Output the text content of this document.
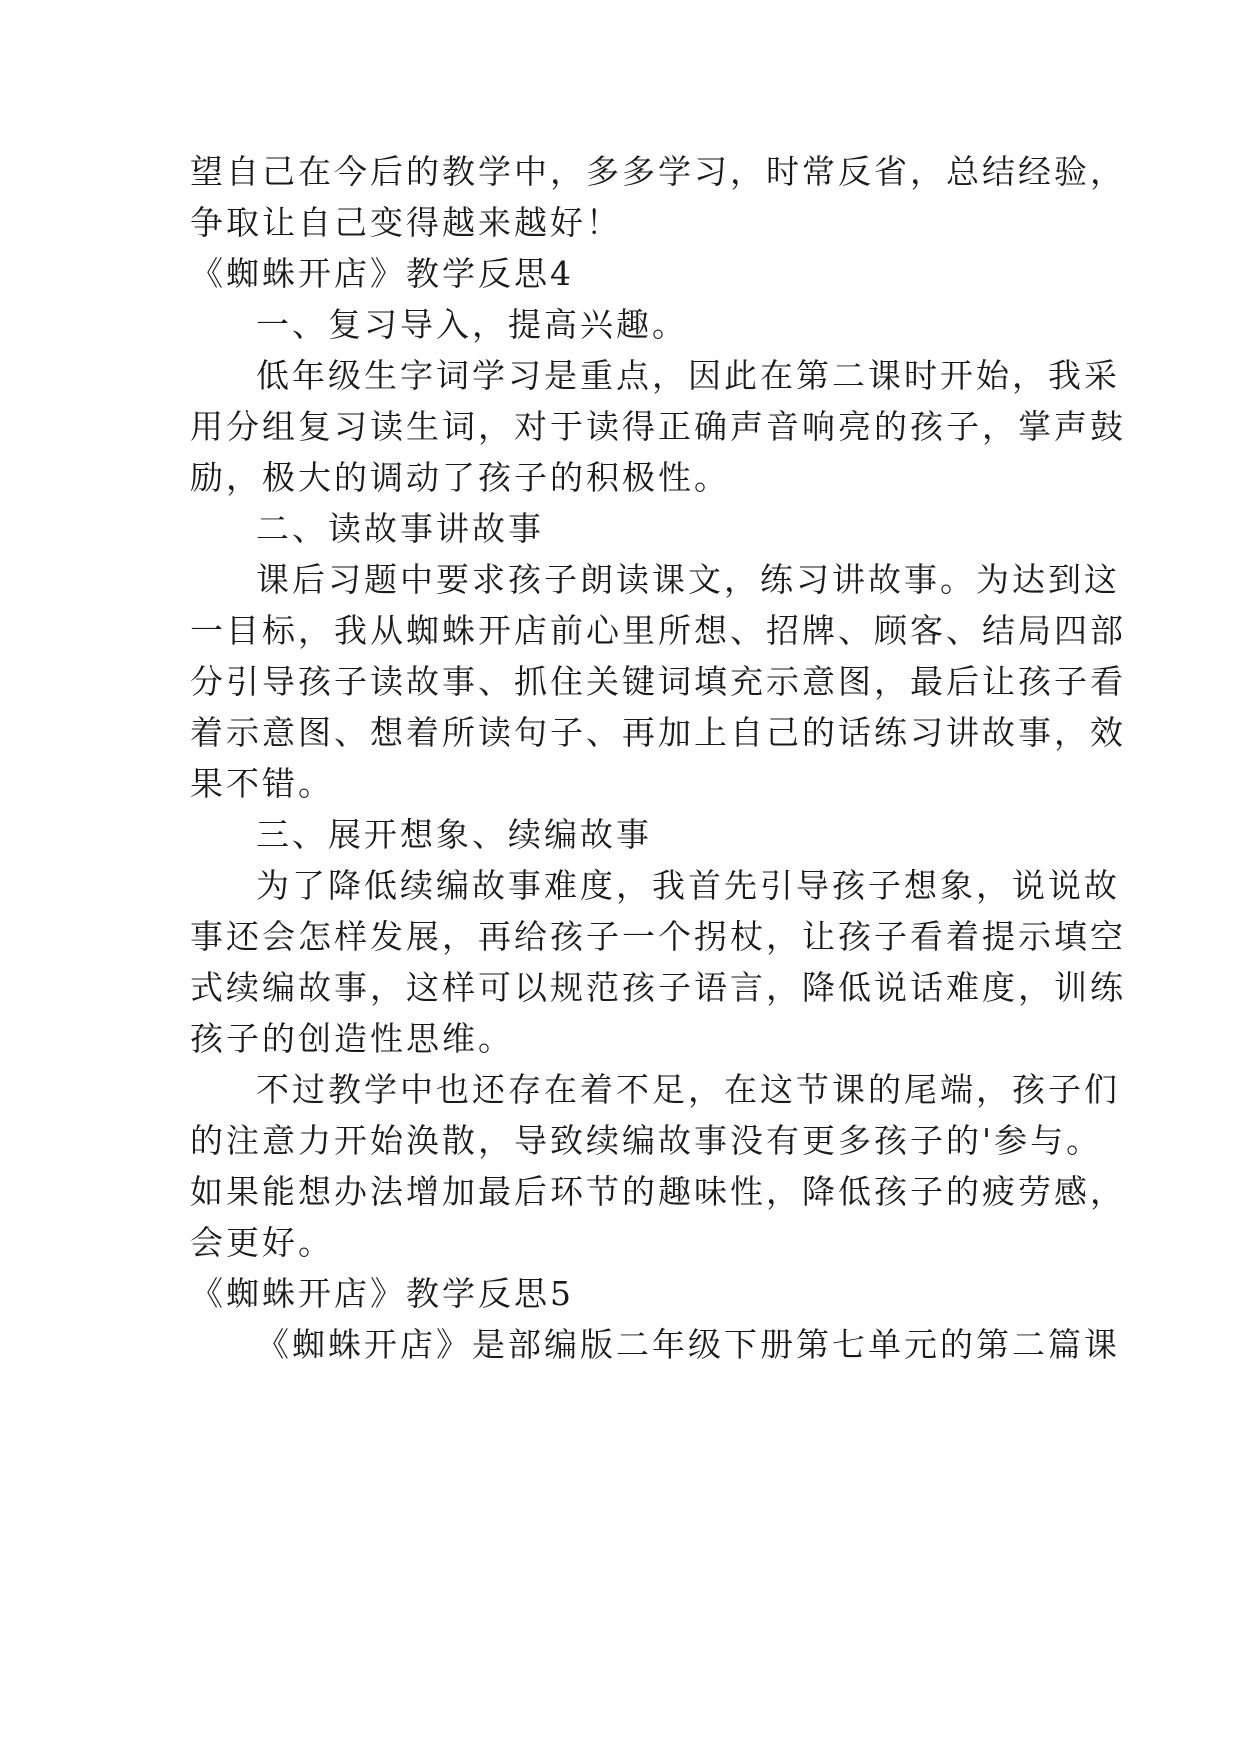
望自己在今后的教学中，多多学习，时常反省，总结经验，
争取让自己变得越来越好！
《蜘蛛开店》教学反思4
一、复习导入，提高兴趣。
低年级生字词学习是重点，因此在第二课时开始，我采
用分组复习读生词，对于读得正确声音响亮的孩子，掌声鼓
励，极大的调动了孩子的积极性。
二、读故事讲故事
课后习题中要求孩子朗读课文，练习讲故事。为达到这
一目标，我从蜘蛛开店前心里所想、招牌、顾客、结局四部
分引导孩子读故事、抓住关键词填充示意图，最后让孩子看
着示意图、想着所读句子、再加上自己的话练习讲故事，效
果不错。
三、展开想象、续编故事
为了降低续编故事难度，我首先引导孩子想象，说说故
事还会怎样发展，再给孩子一个拐杖，让孩子看着提示填空
式续编故事，这样可以规范孩子语言，降低说话难度，训练
孩子的创造性思维。
不过教学中也还存在着不足，在这节课的尾端，孩子们
的注意力开始涣散，导致续编故事没有更多孩子的'参与。
如果能想办法增加最后环节的趣味性，降低孩子的疲劳感，
会更好。
《蜘蛛开店》教学反思5
《蜘蛛开店》是部编版二年级下册第七单元的第二篇课
